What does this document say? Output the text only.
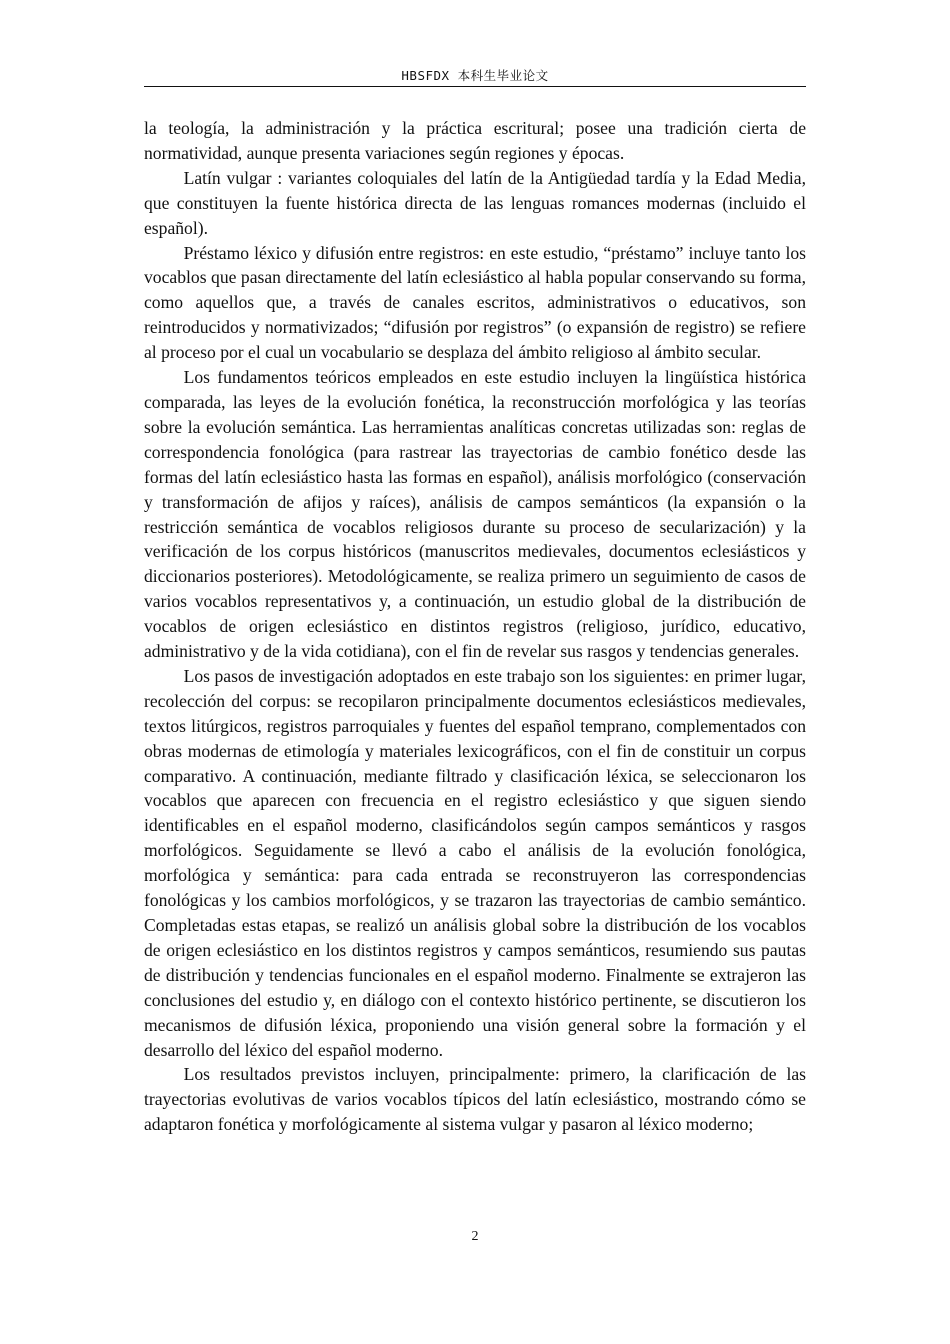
HBSFDX 本科生毕业论文

la teología, la administración y la práctica escritural; posee una tradición cierta de normatividad, aunque presenta variaciones según regiones y épocas.

Latín vulgar : variantes coloquiales del latín de la Antigüedad tardía y la Edad Media, que constituyen la fuente histórica directa de las lenguas romances modernas (incluido el español).

Préstamo léxico y difusión entre registros: en este estudio, “préstamo” incluye tanto los vocablos que pasan directamente del latín eclesiástico al habla popular conservando su forma, como aquellos que, a través de canales escritos, administrativos o educativos, son reintroducidos y normativizados; “difusión por registros” (o expansión de registro) se refiere al proceso por el cual un vocabulario se desplaza del ámbito religioso al ámbito secular.

Los fundamentos teóricos empleados en este estudio incluyen la lingüística histórica comparada, las leyes de la evolución fonética, la reconstrucción morfológica y las teorías sobre la evolución semántica. Las herramientas analíticas concretas utilizadas son: reglas de correspondencia fonológica (para rastrear las trayectorias de cambio fonético desde las formas del latín eclesiástico hasta las formas en español), análisis morfológico (conservación y transformación de afijos y raíces), análisis de campos semánticos (la expansión o la restricción semántica de vocablos religiosos durante su proceso de secularización) y la verificación de los corpus históricos (manuscritos medievales, documentos eclesiásticos y diccionarios posteriores). Metodológicamente, se realiza primero un seguimiento de casos de varios vocablos representativos y, a continuación, un estudio global de la distribución de vocablos de origen eclesiástico en distintos registros (religioso, jurídico, educativo, administrativo y de la vida cotidiana), con el fin de revelar sus rasgos y tendencias generales.

Los pasos de investigación adoptados en este trabajo son los siguientes: en primer lugar, recolección del corpus: se recopilaron principalmente documentos eclesiásticos medievales, textos litúrgicos, registros parroquiales y fuentes del español temprano, complementados con obras modernas de etimología y materiales lexicográficos, con el fin de constituir un corpus comparativo. A continuación, mediante filtrado y clasificación léxica, se seleccionaron los vocablos que aparecen con frecuencia en el registro eclesiástico y que siguen siendo identificables en el español moderno, clasificándolos según campos semánticos y rasgos morfológicos. Seguidamente se llevó a cabo el análisis de la evolución fonológica, morfológica y semántica: para cada entrada se reconstruyeron las correspondencias fonológicas y los cambios morfológicos, y se trazaron las trayectorias de cambio semántico. Completadas estas etapas, se realizó un análisis global sobre la distribución de los vocablos de origen eclesiástico en los distintos registros y campos semánticos, resumiendo sus pautas de distribución y tendencias funcionales en el español moderno. Finalmente se extrajeron las conclusiones del estudio y, en diálogo con el contexto histórico pertinente, se discutieron los mecanismos de difusión léxica, proponiendo una visión general sobre la formación y el desarrollo del léxico del español moderno.

Los resultados previstos incluyen, principalmente: primero, la clarificación de las trayectorias evolutivas de varios vocablos típicos del latín eclesiástico, mostrando cómo se adaptaron fonética y morfológicamente al sistema vulgar y pasaron al léxico moderno;

2
